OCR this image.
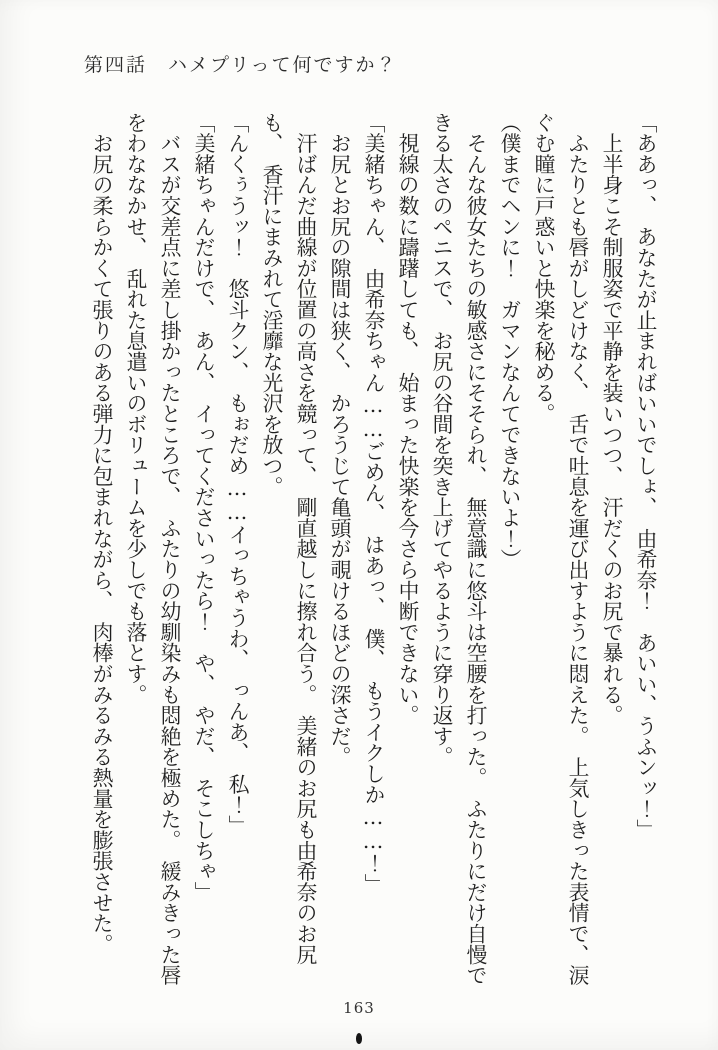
第四話　ハメプリって何ですか？

「ああっ、　あなたが止まればいいでしょ、　由希奈！　あいい、うふンッ！」

　上半身こそ制服姿で平静を装いつつ、　汗だくのお尻で暴れる。

　ふたりとも唇がしどけなく、　舌で吐息を運び出すように悶えた。　上気しきった表情で、涙ぐむ瞳に戸惑いと快楽を秘める。

（僕までヘンに！　ガマンなんてできないよ！）

　そんな彼女たちの敏感さにそそられ、　無意識に悠斗は空腰を打った。　ふたりにだけ自慢できる太さのペニスで、　お尻の谷間を突き上げてやるように穿り返す。

　視線の数に躊躇しても、　始まった快楽を今さら中断できない。

「美緒ちゃん、　由希奈ちゃん……ごめん、　はあっ、　僕、　もうイクしか……！」

　お尻とお尻の隙間は狭く、　かろうじて亀頭が覗けるほどの深さだ。

　汗ばんだ曲線が位置の高さを競って、　剛直越しに擦れ合う。　美緒のお尻も由希奈のお尻も、　香汗にまみれて淫靡な光沢を放つ。

「んくぅうッ！　悠斗クン、　もぉだめ……イっちゃうわ、　っんあ、　私！」

「美緒ちゃんだけで、　あん、　イってくださいったら！　や、　やだ、　そこしちゃ」

　バスが交差点に差し掛かったところで、　ふたりの幼馴染みも悶絶を極めた。　緩みきった唇をわななかせ、　乱れた息遣いのボリュームを少しでも落とす。

　お尻の柔らかくて張りのある弾力に包まれながら、　肉棒がみるみる熱量を膨張させた。

163
